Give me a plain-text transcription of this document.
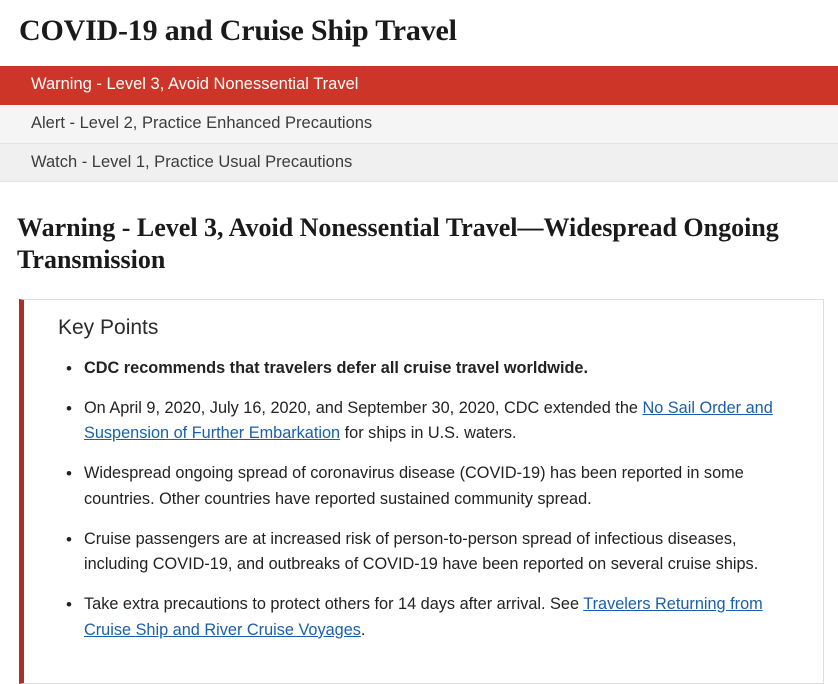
COVID-19 and Cruise Ship Travel
Warning - Level 3, Avoid Nonessential Travel
Alert - Level 2, Practice Enhanced Precautions
Watch - Level 1, Practice Usual Precautions
Warning - Level 3, Avoid Nonessential Travel—Widespread Ongoing Transmission
Key Points
• CDC recommends that travelers defer all cruise travel worldwide.
• On April 9, 2020, July 16, 2020, and September 30, 2020, CDC extended the No Sail Order and Suspension of Further Embarkation for ships in U.S. waters.
• Widespread ongoing spread of coronavirus disease (COVID-19) has been reported in some countries. Other countries have reported sustained community spread.
• Cruise passengers are at increased risk of person-to-person spread of infectious diseases, including COVID-19, and outbreaks of COVID-19 have been reported on several cruise ships.
• Take extra precautions to protect others for 14 days after arrival. See Travelers Returning from Cruise Ship and River Cruise Voyages.
